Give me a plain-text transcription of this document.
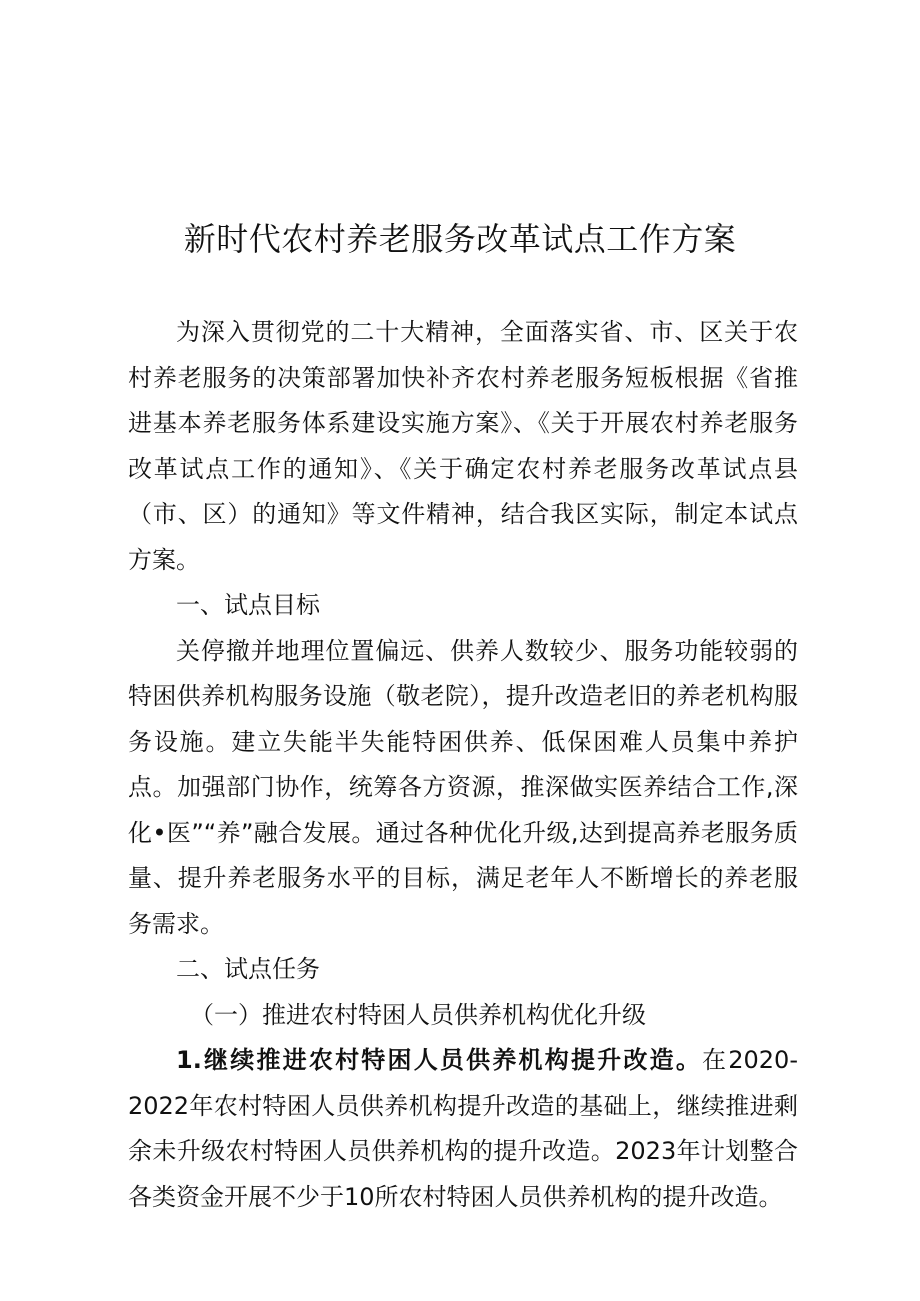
新时代农村养老服务改革试点工作方案

为深入贯彻党的二十大精神，全面落实省、市、区关于农村养老服务的决策部署加快补齐农村养老服务短板根据《省推进基本养老服务体系建设实施方案》、《关于开展农村养老服务改革试点工作的通知》、《关于确定农村养老服务改革试点县（市、区）的通知》等文件精神，结合我区实际，制定本试点方案。

一、试点目标

关停撤并地理位置偏远、供养人数较少、服务功能较弱的特困供养机构服务设施（敬老院），提升改造老旧的养老机构服务设施。建立失能半失能特困供养、低保困难人员集中养护点。加强部门协作，统筹各方资源，推深做实医养结合工作,深化•医”“养”融合发展。通过各种优化升级,达到提高养老服务质量、提升养老服务水平的目标，满足老年人不断增长的养老服务需求。

二、试点任务

（一）推进农村特困人员供养机构优化升级

1.继续推进农村特困人员供养机构提升改造。在2020-2022年农村特困人员供养机构提升改造的基础上，继续推进剩余未升级农村特困人员供养机构的提升改造。2023年计划整合各类资金开展不少于10所农村特困人员供养机构的提升改造。
